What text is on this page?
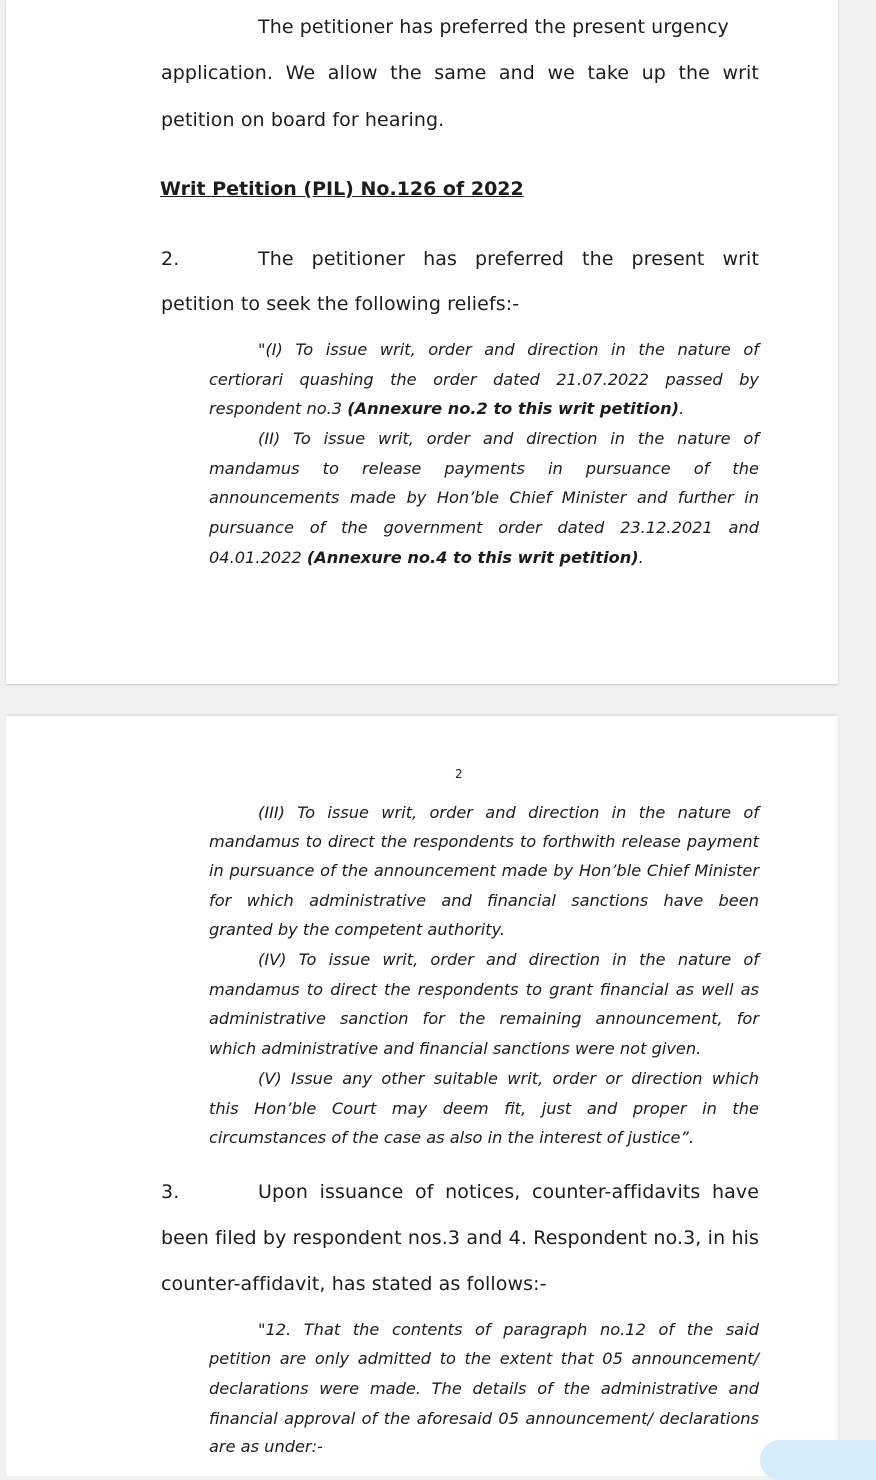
The petitioner has preferred the present urgency
application. We allow the same and we take up the writ
petition on board for hearing.
Writ Petition (PIL) No.126 of 2022
2.	The petitioner has preferred the present writ
petition to seek the following reliefs:-
"(I) To issue writ, order and direction in the nature of
certiorari quashing the order dated 21.07.2022 passed by
respondent no.3 (Annexure no.2 to this writ petition).
(II) To issue writ, order and direction in the nature of
mandamus to release payments in pursuance of the
announcements made by Hon’ble Chief Minister and further in
pursuance of the government order dated 23.12.2021 and
04.01.2022 (Annexure no.4 to this writ petition).
2
(III) To issue writ, order and direction in the nature of
mandamus to direct the respondents to forthwith release payment
in pursuance of the announcement made by Hon’ble Chief Minister
for which administrative and financial sanctions have been
granted by the competent authority.
(IV) To issue writ, order and direction in the nature of
mandamus to direct the respondents to grant financial as well as
administrative sanction for the remaining announcement, for
which administrative and financial sanctions were not given.
(V) Issue any other suitable writ, order or direction which
this Hon’ble Court may deem fit, just and proper in the
circumstances of the case as also in the interest of justice”.
3.	Upon issuance of notices, counter-affidavits have
been filed by respondent nos.3 and 4. Respondent no.3, in his
counter-affidavit, has stated as follows:-
"12. That the contents of paragraph no.12 of the said
petition are only admitted to the extent that 05 announcement/
declarations were made. The details of the administrative and
financial approval of the aforesaid 05 announcement/ declarations
are as under:-
